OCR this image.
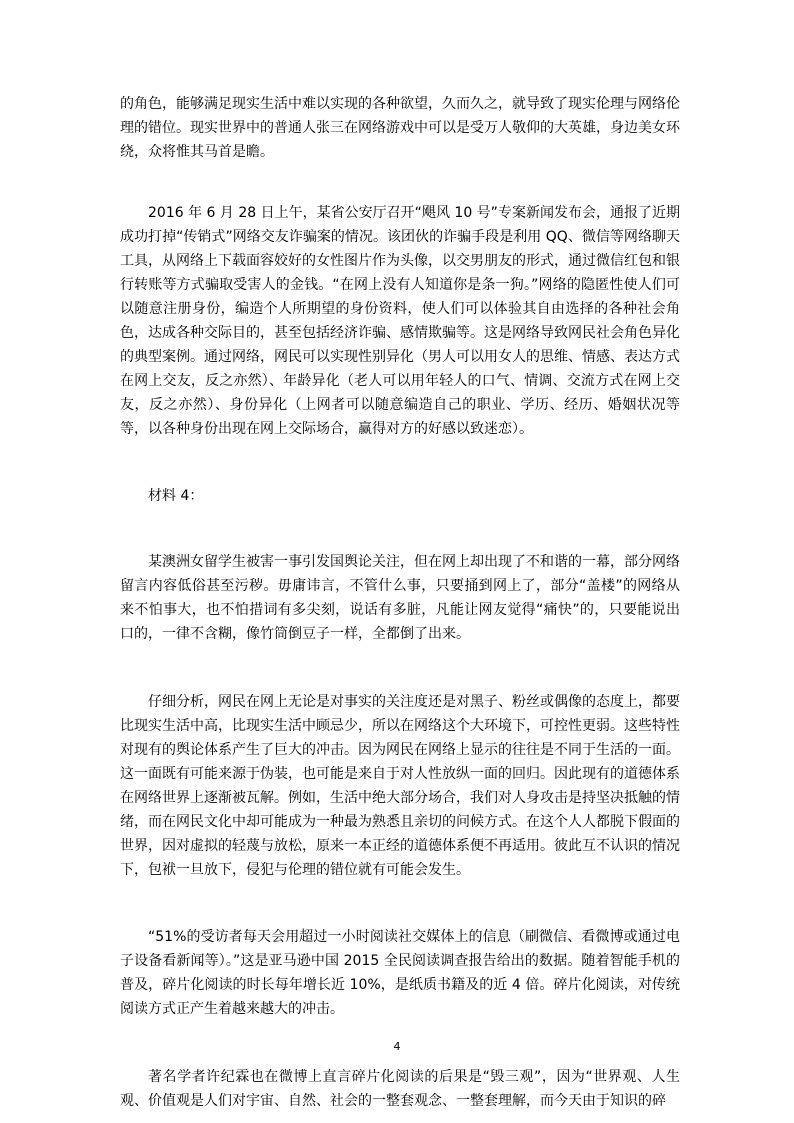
的角色，能够满足现实生活中难以实现的各种欲望，久而久之，就导致了现实伦理与网络伦理的错位。现实世界中的普通人张三在网络游戏中可以是受万人敬仰的大英雄，身边美女环绕，众将惟其马首是瞻。

2016 年 6 月 28 日上午，某省公安厅召开“飓风 10 号”专案新闻发布会，通报了近期成功打掉“传销式”网络交友诈骗案的情况。该团伙的诈骗手段是利用 QQ、微信等网络聊天工具，从网络上下载面容姣好的女性图片作为头像，以交男朋友的形式，通过微信红包和银行转账等方式骗取受害人的金钱。“在网上没有人知道你是条一狗。”网络的隐匿性使人们可以随意注册身份，编造个人所期望的身份资料，使人们可以体验其自由选择的各种社会角色，达成各种交际目的，甚至包括经济诈骗、感情欺骗等。这是网络导致网民社会角色异化的典型案例。通过网络，网民可以实现性别异化（男人可以用女人的思维、情感、表达方式在网上交友，反之亦然）、年龄异化（老人可以用年轻人的口气、情调、交流方式在网上交友，反之亦然）、身份异化（上网者可以随意编造自己的职业、学历、经历、婚姻状况等等，以各种身份出现在网上交际场合，赢得对方的好感以致迷恋）。

材料 4：

某澳洲女留学生被害一事引发国舆论关注，但在网上却出现了不和谐的一幕，部分网络留言内容低俗甚至污秽。毋庸讳言，不管什么事，只要捅到网上了，部分“盖楼”的网络从来不怕事大，也不怕措词有多尖刻，说话有多脏，凡能让网友觉得“痛快”的，只要能说出口的，一律不含糊，像竹筒倒豆子一样，全都倒了出来。

仔细分析，网民在网上无论是对事实的关注度还是对黑子、粉丝或偶像的态度上，都要比现实生活中高，比现实生活中顾忌少，所以在网络这个大环境下，可控性更弱。这些特性对现有的舆论体系产生了巨大的冲击。因为网民在网络上显示的往往是不同于生活的一面。这一面既有可能来源于伪装，也可能是来自于对人性放纵一面的回归。因此现有的道德体系在网络世界上逐渐被瓦解。例如，生活中绝大部分场合，我们对人身攻击是持坚决抵触的情绪，而在网民文化中却可能成为一种最为熟悉且亲切的问候方式。在这个人人都脱下假面的世界，因对虚拟的轻蔑与放松，原来一本正经的道德体系便不再适用。彼此互不认识的情况下，包袱一旦放下，侵犯与伦理的错位就有可能会发生。

“51%的受访者每天会用超过一小时阅读社交媒体上的信息（刷微信、看微博或通过电子设备看新闻等）。”这是亚马逊中国 2015 全民阅读调查报告给出的数据。随着智能手机的普及，碎片化阅读的时长每年增长近 10%，是纸质书籍及的近 4 倍。碎片化阅读，对传统阅读方式正产生着越来越大的冲击。

著名学者许纪霖也在微博上直言碎片化阅读的后果是“毁三观”，因为“世界观、人生观、价值观是人们对宇宙、自然、社会的一整套观念、一整套理解，而今天由于知识的碎

4
